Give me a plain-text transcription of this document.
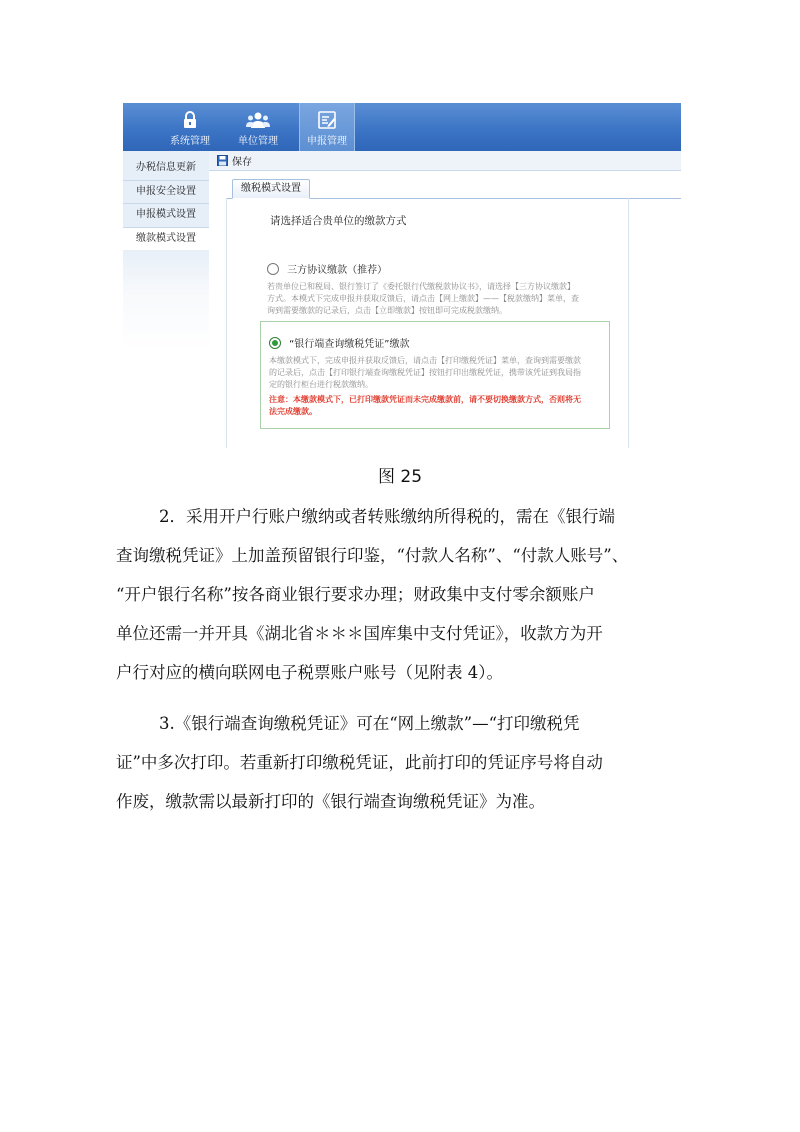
系统管理	单位管理	申报管理
办税信息更新
申报安全设置
申报模式设置
缴款模式设置
保存
缴税模式设置
请选择适合贵单位的缴款方式
三方协议缴款（推荐）
若贵单位已和税局、银行签订了《委托银行代缴税款协议书》，请选择【三方协议缴款】
方式。本模式下完成申报并获取反馈后，请点击【网上缴款】——【税款缴纳】菜单，查
询到需要缴款的记录后，点击【立即缴款】按钮即可完成税款缴纳。
“银行端查询缴税凭证”缴款
本缴款模式下，完成申报并获取反馈后，请点击【打印缴税凭证】菜单，查询到需要缴款
的记录后，点击【打印银行端查询缴税凭证】按钮打印出缴税凭证，携带该凭证到我局指
定的银行柜台进行税款缴纳。
注意：本缴款模式下，已打印缴款凭证而未完成缴款前，请不要切换缴款方式，否则将无
法完成缴款。
图 25
2．采用开户行账户缴纳或者转账缴纳所得税的，需在《银行端
查询缴税凭证》上加盖预留银行印鉴，“付款人名称”、“付款人账号”、
“开户银行名称”按各商业银行要求办理；财政集中支付零余额账户
单位还需一并开具《湖北省＊＊＊国库集中支付凭证》，收款方为开
户行对应的横向联网电子税票账户账号（见附表 4）。
3.《银行端查询缴税凭证》可在“网上缴款”—“打印缴税凭
证”中多次打印。若重新打印缴税凭证，此前打印的凭证序号将自动
作废，缴款需以最新打印的《银行端查询缴税凭证》为准。
